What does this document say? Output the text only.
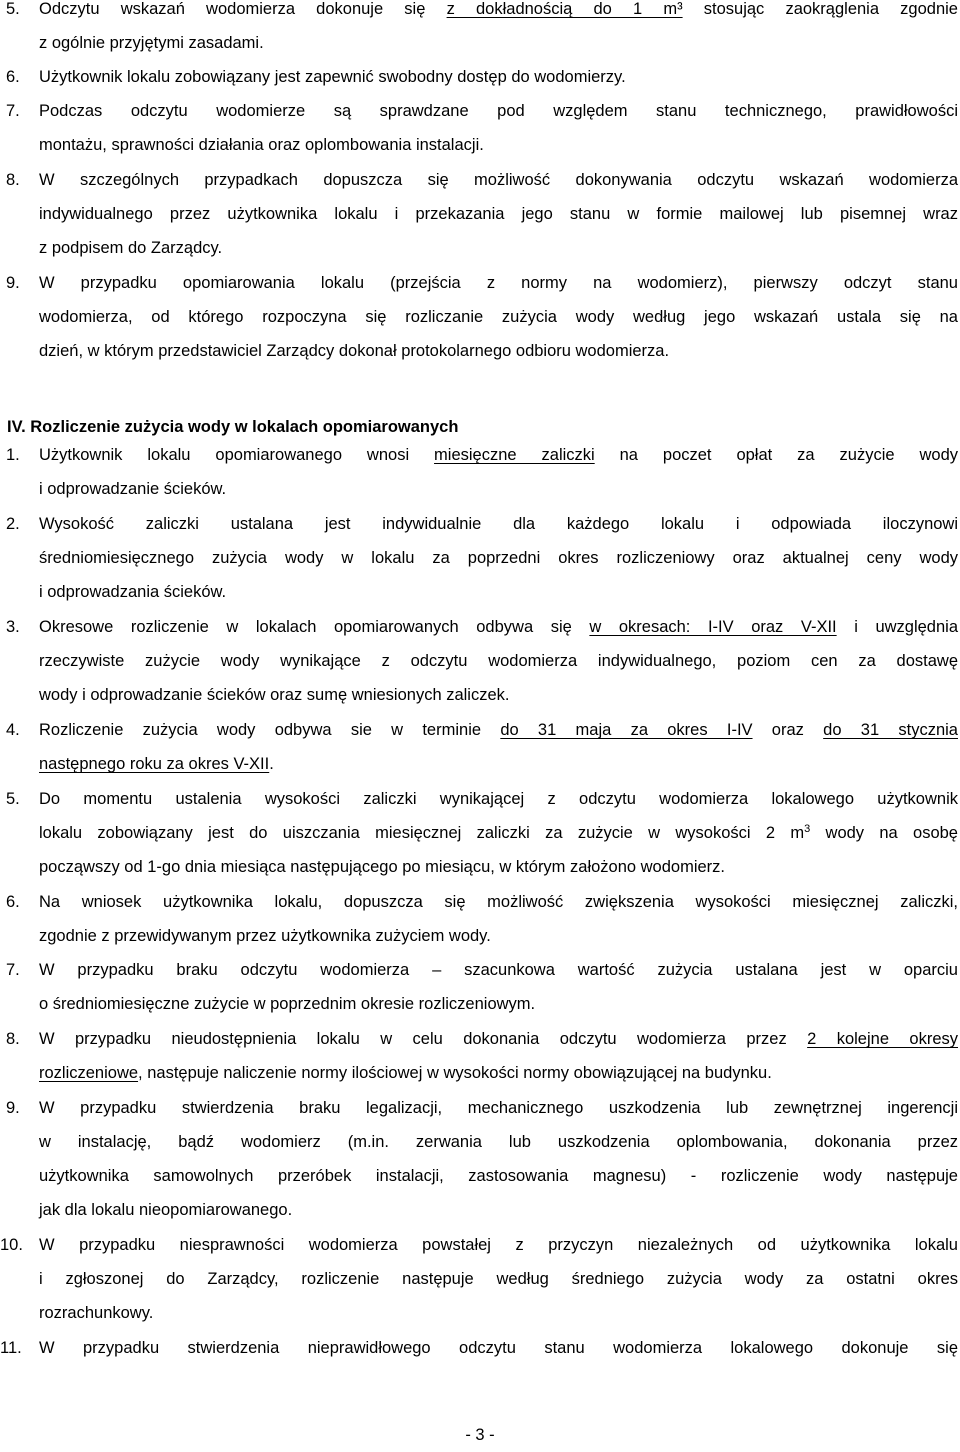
5. Odczytu wskazań wodomierza dokonuje się z dokładnością do 1 m³ stosując zaokrąglenia zgodnie
z ogólnie przyjętymi zasadami.
6. Użytkownik lokalu zobowiązany jest zapewnić swobodny dostęp do wodomierzy.
7. Podczas odczytu wodomierze są sprawdzane pod względem stanu technicznego, prawidłowości
montażu, sprawności działania oraz oplombowania instalacji.
8. W szczególnych przypadkach dopuszcza się możliwość dokonywania odczytu wskazań wodomierza
indywidualnego przez użytkownika lokalu i przekazania jego stanu w formie mailowej lub pisemnej wraz
z podpisem do Zarządcy.
9. W przypadku opomiarowania lokalu (przejścia z normy na wodomierz), pierwszy odczyt stanu
wodomierza, od którego rozpoczyna się rozliczanie zużycia wody według jego wskazań ustala się na
dzień, w którym przedstawiciel Zarządcy dokonał protokolarnego odbioru wodomierza.
IV. Rozliczenie zużycia wody w lokalach opomiarowanych
1. Użytkownik lokalu opomiarowanego wnosi miesięczne zaliczki na poczet opłat za zużycie wody
i odprowadzanie ścieków.
2. Wysokość zaliczki ustalana jest indywidualnie dla każdego lokalu i odpowiada iloczynowi
średniomiesięcznego zużycia wody w lokalu za poprzedni okres rozliczeniowy oraz aktualnej ceny wody
i odprowadzania ścieków.
3. Okresowe rozliczenie w lokalach opomiarowanych odbywa się w okresach: I-IV oraz V-XII i uwzględnia
rzeczywiste zużycie wody wynikające z odczytu wodomierza indywidualnego, poziom cen za dostawę
wody i odprowadzanie ścieków oraz sumę wniesionych zaliczek.
4. Rozliczenie zużycia wody odbywa sie w terminie do 31 maja za okres I-IV oraz do 31 stycznia
następnego roku za okres V-XII.
5. Do momentu ustalenia wysokości zaliczki wynikającej z odczytu wodomierza lokalowego użytkownik
lokalu zobowiązany jest do uiszczania miesięcznej zaliczki za zużycie w wysokości 2 $m^3$ wody na osobę
począwszy od 1-go dnia miesiąca następującego po miesiącu, w którym założono wodomierz.
6. Na wniosek użytkownika lokalu, dopuszcza się możliwość zwiększenia wysokości miesięcznej zaliczki,
zgodnie z przewidywanym przez użytkownika zużyciem wody.
7. W przypadku braku odczytu wodomierza – szacunkowa wartość zużycia ustalana jest w oparciu
o średniomiesięczne zużycie w poprzednim okresie rozliczeniowym.
8. W przypadku nieudostępnienia lokalu w celu dokonania odczytu wodomierza przez 2 kolejne okresy
rozliczeniowe, następuje naliczenie normy ilościowej w wysokości normy obowiązującej na budynku.
9. W przypadku stwierdzenia braku legalizacji, mechanicznego uszkodzenia lub zewnętrznej ingerencji
w instalację, bądź wodomierz (m.in. zerwania lub uszkodzenia oplombowania, dokonania przez
użytkownika samowolnych przeróbek instalacji, zastosowania magnesu) - rozliczenie wody następuje
jak dla lokalu nieopomiarowanego.
10. W przypadku niesprawności wodomierza powstałej z przyczyn niezależnych od użytkownika lokalu
i zgłoszonej do Zarządcy, rozliczenie następuje według średniego zużycia wody za ostatni okres
rozrachunkowy.
11. W przypadku stwierdzenia nieprawidłowego odczytu stanu wodomierza lokalowego dokonuje się
- 3 -
